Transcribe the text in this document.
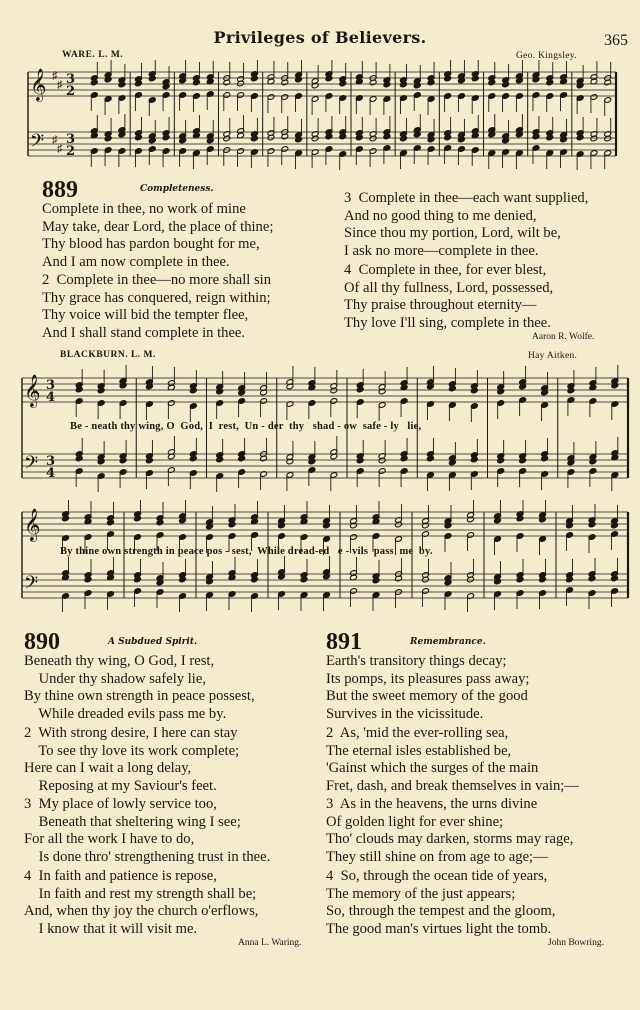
Privileges of Believers.	365
WARE. L. M.	Geo. Kingsley.
𝄞
𝄢
♯
♯
♯
♯
3
2
3
2
889	Completeness.
Complete in thee, no work of mine
May take, dear Lord, the place of thine;
Thy blood has pardon bought for me,
And I am now complete in thee.
2  Complete in thee—no more shall sin
Thy grace has conquered, reign within;
Thy voice will bid the tempter flee,
And I shall stand complete in thee.
3  Complete in thee—each want supplied,
And no good thing to me denied,
Since thou my portion, Lord, wilt be,
I ask no more—complete in thee.
4  Complete in thee, for ever blest,
Of all thy fullness, Lord, possessed,
Thy praise throughout eternity—
Thy love I'll sing, complete in thee.
Aaron R. Wolfe.
BLACKBURN. L. M.	Hay Aitken.
𝄞
𝄢
3
4
3
4
Be - neath thy wing, O  God,  I  rest,  Un - der  thy   shad - ow  safe - ly   lie,
𝄞
𝄢
By thine own strength in peace pos - sest,  While dread-ed   e - vils  pass  me  by.
890	A Subdued Spirit.
Beneath thy wing, O God, I rest,
Under thy shadow safely lie,
By thine own strength in peace possest,
While dreaded evils pass me by.
2  With strong desire, I here can stay
To see thy love its work complete;
Here can I wait a long delay,
Reposing at my Saviour's feet.
3  My place of lowly service too,
Beneath that sheltering wing I see;
For all the work I have to do,
Is done thro' strengthening trust in thee.
4  In faith and patience is repose,
In faith and rest my strength shall be;
And, when thy joy the church o'erflows,
I know that it will visit me.
Anna L. Waring.
891	Remembrance.
Earth's transitory things decay;
Its pomps, its pleasures pass away;
But the sweet memory of the good
Survives in the vicissitude.
2  As, 'mid the ever-rolling sea,
The eternal isles established be,
'Gainst which the surges of the main
Fret, dash, and break themselves in vain;—
3  As in the heavens, the urns divine
Of golden light for ever shine;
Tho' clouds may darken, storms may rage,
They still shine on from age to age;—
4  So, through the ocean tide of years,
The memory of the just appears;
So, through the tempest and the gloom,
The good man's virtues light the tomb.
John Bowring.
